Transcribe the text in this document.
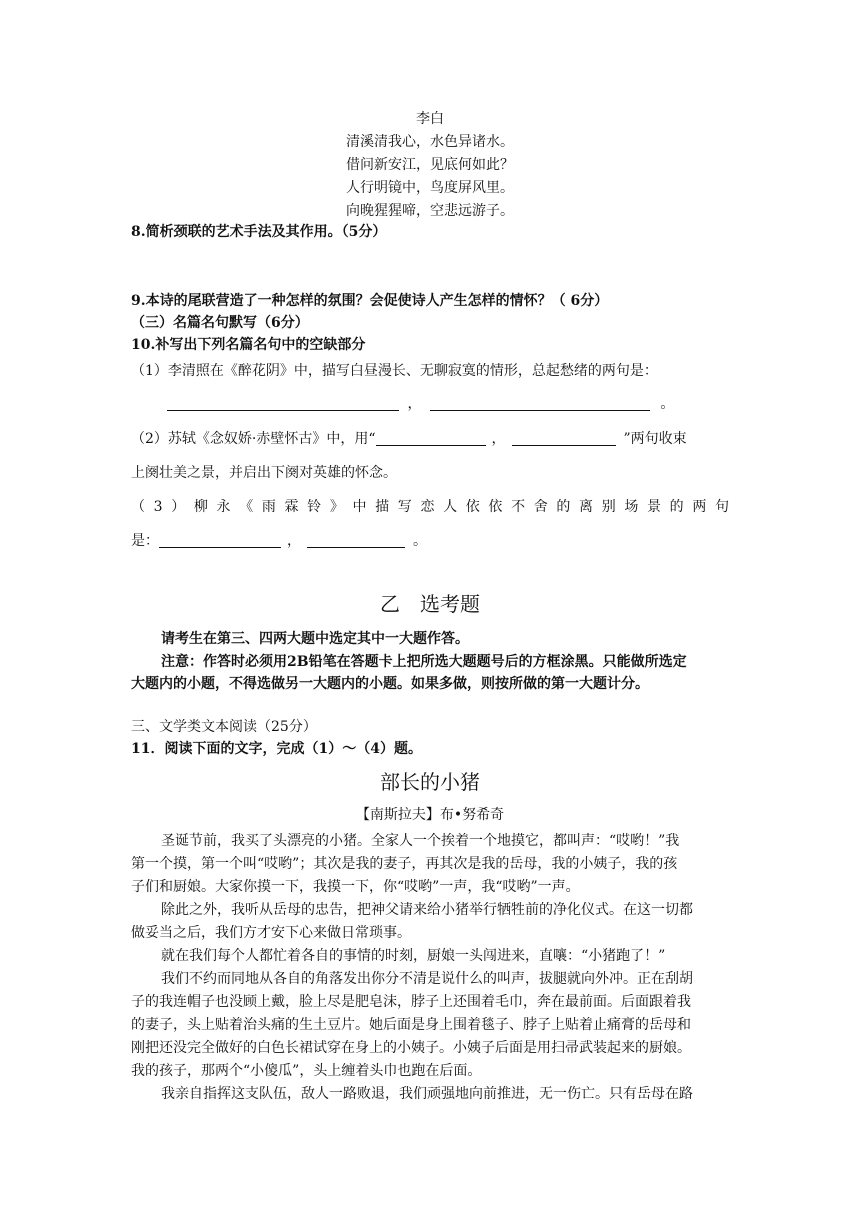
李白
清溪清我心，水色异诸水。
借问新安江，见底何如此？
人行明镜中，鸟度屏风里。
向晚猩猩啼，空悲远游子。
8.简析颈联的艺术手法及其作用。（5分）
9.本诗的尾联营造了一种怎样的氛围？会促使诗人产生怎样的情怀？（ 6分）
（三）名篇名句默写（6分）
10.补写出下列名篇名句中的空缺部分
（1）李清照在《醉花阴》中，描写白昼漫长、无聊寂寞的情形，总起愁绪的两句是：
，	。
（2）苏轼《念奴娇·赤壁怀古》中，用“	，	”两句收束
上阕壮美之景，并启出下阕对英雄的怀念。
（3）柳永《雨霖铃》中描写恋人依依不舍的离别场景的两句
是：	，	。
乙　选考题
请考生在第三、四两大题中选定其中一大题作答。
注意：作答时必须用2B铅笔在答题卡上把所选大题题号后的方框涂黑。只能做所选定
大题内的小题，不得选做另一大题内的小题。如果多做，则按所做的第一大题计分。
三、文学类文本阅读（25分）
11．阅读下面的文字，完成（1）～（4）题。
部长的小猪
【南斯拉夫】布•努希奇
圣诞节前，我买了头漂亮的小猪。全家人一个挨着一个地摸它，都叫声：“哎哟！”我
第一个摸，第一个叫“哎哟”；其次是我的妻子，再其次是我的岳母，我的小姨子，我的孩
子们和厨娘。大家你摸一下，我摸一下，你“哎哟”一声，我“哎哟”一声。
除此之外，我听从岳母的忠告，把神父请来给小猪举行牺牲前的净化仪式。在这一切都
做妥当之后，我们方才安下心来做日常琐事。
就在我们每个人都忙着各自的事情的时刻，厨娘一头闯进来，直嚷：“小猪跑了！”
我们不约而同地从各自的角落发出你分不清是说什么的叫声，拔腿就向外冲。正在刮胡
子的我连帽子也没顾上戴，脸上尽是肥皂沫，脖子上还围着毛巾，奔在最前面。后面跟着我
的妻子，头上贴着治头痛的生土豆片。她后面是身上围着毯子、脖子上贴着止痛膏的岳母和
刚把还没完全做好的白色长裙试穿在身上的小姨子。小姨子后面是用扫帚武装起来的厨娘。
我的孩子，那两个“小傻瓜”，头上缠着头巾也跑在后面。
我亲自指挥这支队伍，敌人一路败退，我们顽强地向前推进，无一伤亡。只有岳母在路
